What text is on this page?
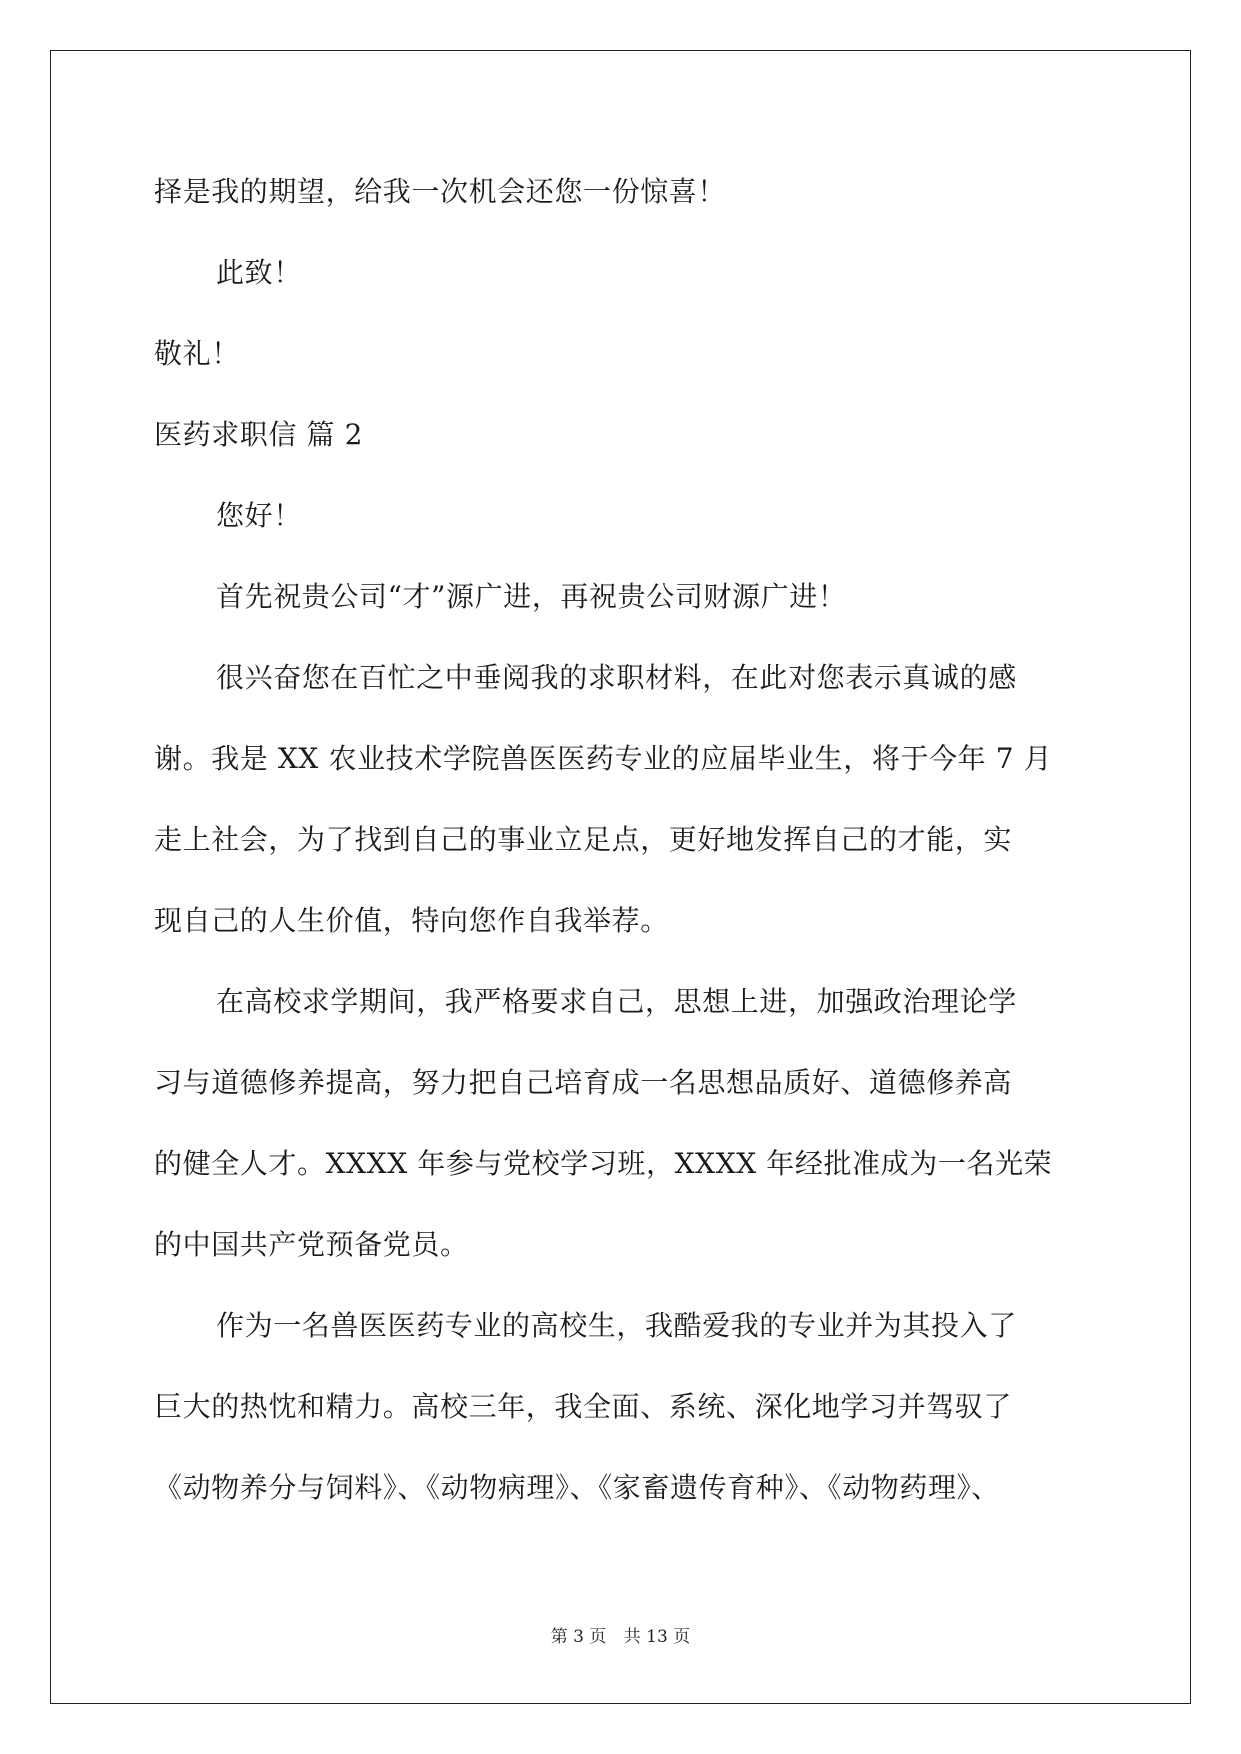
择是我的期望，给我一次机会还您一份惊喜！

此致！

敬礼！

医药求职信 篇 2

您好！

首先祝贵公司“才”源广进，再祝贵公司财源广进！

很兴奋您在百忙之中垂阅我的求职材料，在此对您表示真诚的感

谢。我是 XX 农业技术学院兽医医药专业的应届毕业生，将于今年 7 月

走上社会，为了找到自己的事业立足点，更好地发挥自己的才能，实

现自己的人生价值，特向您作自我举荐。

在高校求学期间，我严格要求自己，思想上进，加强政治理论学

习与道德修养提高，努力把自己培育成一名思想品质好、道德修养高

的健全人才。XXXX 年参与党校学习班，XXXX 年经批准成为一名光荣

的中国共产党预备党员。

作为一名兽医医药专业的高校生，我酷爱我的专业并为其投入了

巨大的热忱和精力。高校三年，我全面、系统、深化地学习并驾驭了

《动物养分与饲料》、《动物病理》、《家畜遗传育种》、《动物药理》、

第 3 页 共 13 页
